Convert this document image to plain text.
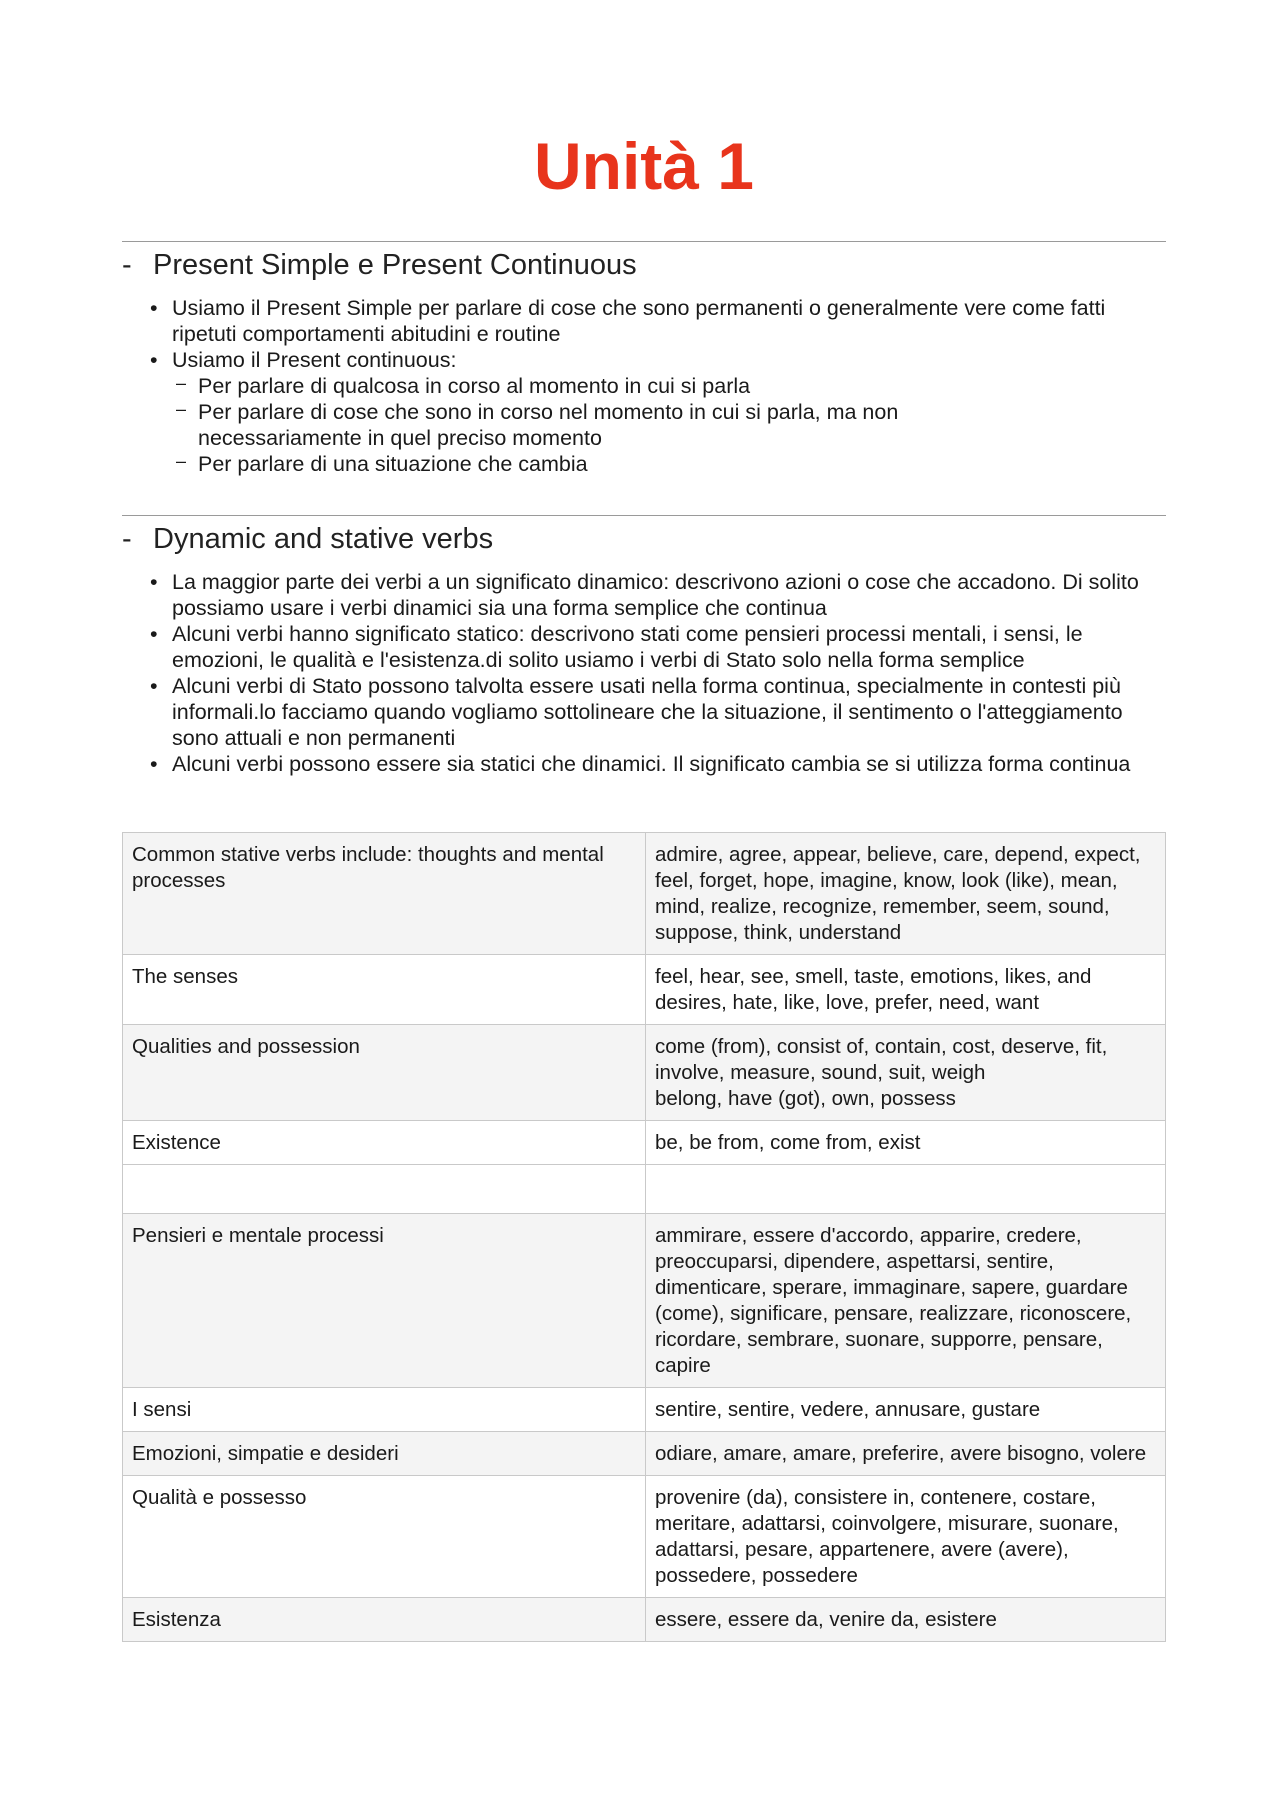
Unità 1
- Present Simple e Present Continuous
• Usiamo il Present Simple per parlare di cose che sono permanenti o generalmente vere come fatti ripetuti comportamenti abitudini e routine
• Usiamo il Present continuous:
– Per parlare di qualcosa in corso al momento in cui si parla
– Per parlare di cose che sono in corso nel momento in cui si parla, ma non necessariamente in quel preciso momento
– Per parlare di una situazione che cambia
- Dynamic and stative verbs
• La maggior parte dei verbi a un significato dinamico: descrivono azioni o cose che accadono. Di solito possiamo usare i verbi dinamici sia una forma semplice che continua
• Alcuni verbi hanno significato statico: descrivono stati come pensieri processi mentali, i sensi, le emozioni, le qualità e l'esistenza.di solito usiamo i verbi di Stato solo nella forma semplice
• Alcuni verbi di Stato possono talvolta essere usati nella forma continua, specialmente in contesti più informali.lo facciamo quando vogliamo sottolineare che la situazione, il sentimento o l'atteggiamento sono attuali e non permanenti
• Alcuni verbi possono essere sia statici che dinamici. Il significato cambia se si utilizza forma continua
Common stative verbs include: thoughts and mental processes	admire, agree, appear, believe, care, depend, expect, feel, forget, hope, imagine, know, look (like), mean, mind, realize, recognize, remember, seem, sound, suppose, think, understand
The senses	feel, hear, see, smell, taste, emotions, likes, and desires, hate, like, love, prefer, need, want
Qualities and possession	come (from), consist of, contain, cost, deserve, fit, involve, measure, sound, suit, weigh
belong, have (got), own, possess

Existence	be, be from, come from, exist

Pensieri e mentale processi	ammirare, essere d'accordo, apparire, credere, preoccuparsi, dipendere, aspettarsi, sentire, dimenticare, sperare, immaginare, sapere, guardare (come), significare, pensare, realizzare, riconoscere, ricordare, sembrare, suonare, supporre, pensare, capire
I sensi	sentire, sentire, vedere, annusare, gustare
Emozioni, simpatie e desideri	odiare, amare, amare, preferire, avere bisogno, volere
Qualità e possesso	provenire (da), consistere in, contenere, costare, meritare, adattarsi, coinvolgere, misurare, suonare, adattarsi, pesare, appartenere, avere (avere), possedere, possedere
Esistenza	essere, essere da, venire da, esistere
